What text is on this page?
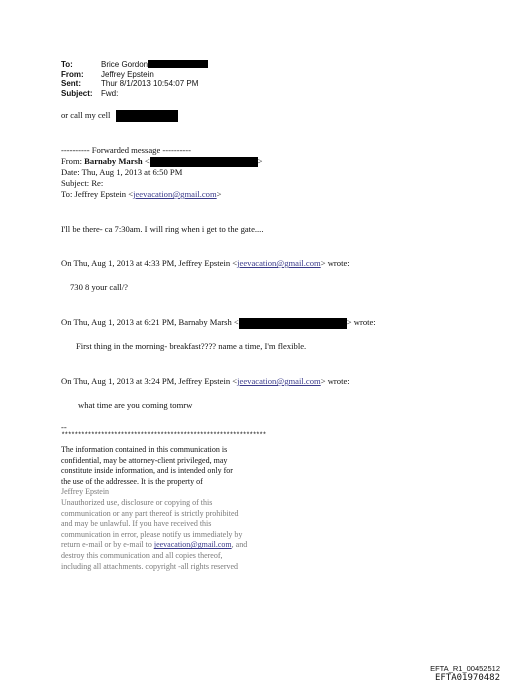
To:	Brice Gordon
From:	Jeffrey Epstein
Sent:	Thur 8/1/2013 10:54:07 PM
Subject:	Fwd:
or call my cell
---------- Forwarded message ----------
From: Barnaby Marsh <	>
Date: Thu, Aug 1, 2013 at 6:50 PM
Subject: Re:
To: Jeffrey Epstein <jeevacation@gmail.com>
I'll be there- ca 7:30am. I will ring when i get to the gate....
On Thu, Aug 1, 2013 at 4:33 PM, Jeffrey Epstein <jeevacation@gmail.com> wrote:
730 8 your call/?
On Thu, Aug 1, 2013 at 6:21 PM, Barnaby Marsh <	> wrote:
First thing in the morning- breakfast???? name a time, I'm flexible.
On Thu, Aug 1, 2013 at 3:24 PM, Jeffrey Epstein <jeevacation@gmail.com> wrote:
what time are you coming tomrw
--
**************************************************************
The information contained in this communication is
confidential, may be attorney-client privileged, may
constitute inside information, and is intended only for
the use of the addressee. It is the property of
Jeffrey Epstein
Unauthorized use, disclosure or copying of this
communication or any part thereof is strictly prohibited
and may be unlawful. If you have received this
communication in error, please notify us immediately by
return e-mail or by e-mail to jeevacation@gmail.com, and
destroy this communication and all copies thereof,
including all attachments. copyright -all rights reserved
EFTA_R1_00452512
EFTA01970482
